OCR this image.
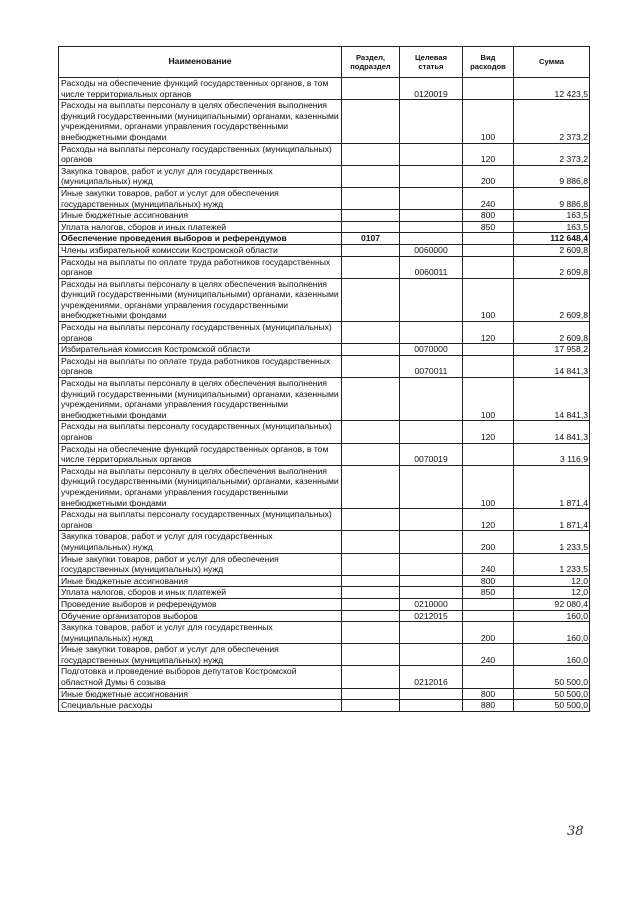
Наименование	Раздел, подраздел	Целевая статья	Вид расходов	Сумма
Расходы на обеспечение функций государственных органов, в том числе территориальных органов		0120019		12 423,5
Расходы на выплаты персоналу в целях обеспечения выполнения функций государственными (муниципальными) органами, казенными учреждениями, органами управления государственными внебюджетными фондами			100	2 373,2
Расходы на выплаты персоналу государственных (муниципальных) органов			120	2 373,2
Закупка товаров, работ и услуг для государственных (муниципальных) нужд			200	9 886,8
Иные закупки товаров, работ и услуг для обеспечения государственных (муниципальных) нужд			240	9 886,8
Иные бюджетные ассигнования			800	163,5
Уплата налогов, сборов и иных платежей			850	163,5
Обеспечение проведения выборов и референдумов	0107			112 648,4
Члены избирательной комиссии Костромской области		0060000		2 609,8
Расходы на выплаты по оплате труда работников государственных органов		0060011		2 609,8
Расходы на выплаты персоналу в целях обеспечения выполнения функций государственными (муниципальными) органами, казенными учреждениями, органами управления государственными внебюджетными фондами			100	2 609,8
Расходы на выплаты персоналу государственных (муниципальных) органов			120	2 609,8
Избирательная комиссия Костромской области		0070000		17 958,2
Расходы на выплаты по оплате труда работников государственных органов		0070011		14 841,3
Расходы на выплаты персоналу в целях обеспечения выполнения функций государственными (муниципальными) органами, казенными учреждениями, органами управления государственными внебюджетными фондами			100	14 841,3
Расходы на выплаты персоналу государственных (муниципальных) органов			120	14 841,3
Расходы на обеспечение функций государственных органов, в том числе территориальных органов		0070019		3 116,9
Расходы на выплаты персоналу в целях обеспечения выполнения функций государственными (муниципальными) органами, казенными учреждениями, органами управления государственными внебюджетными фондами			100	1 871,4
Расходы на выплаты персоналу государственных (муниципальных) органов			120	1 871,4
Закупка товаров, работ и услуг для государственных (муниципальных) нужд			200	1 233,5
Иные закупки товаров, работ и услуг для обеспечения государственных (муниципальных) нужд			240	1 233,5
Иные бюджетные ассигнования			800	12,0
Уплата налогов, сборов и иных платежей			850	12,0
Проведение выборов и референдумов		0210000		92 080,4
Обучение организаторов выборов		0212015		160,0
Закупка товаров, работ и услуг для государственных (муниципальных) нужд			200	160,0
Иные закупки товаров, работ и услуг для обеспечения государственных (муниципальных) нужд			240	160,0
Подготовка и проведение выборов депутатов Костромской областной Думы 6 созыва		0212016		50 500,0
Иные бюджетные ассигнования			800	50 500,0
Специальные расходы			880	50 500,0
38
